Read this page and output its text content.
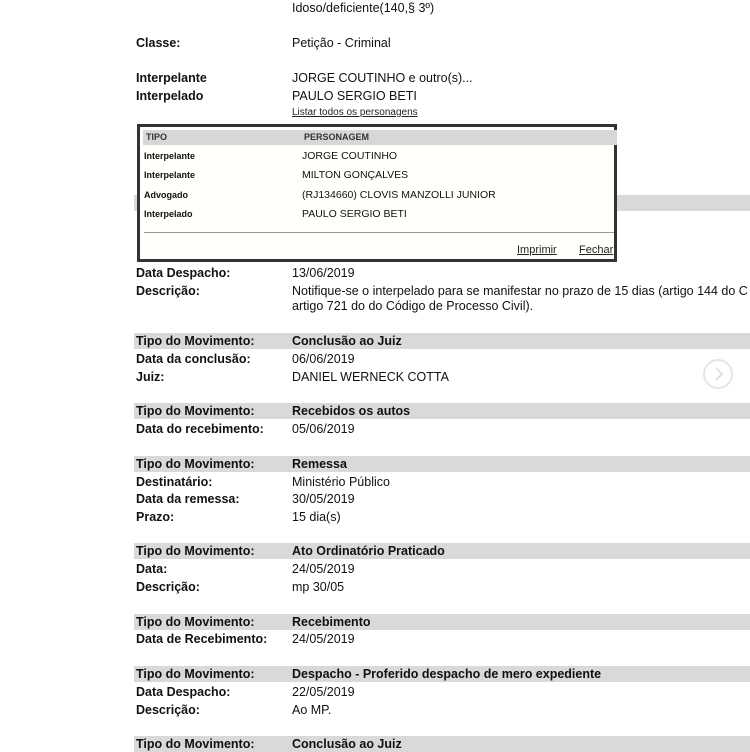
Idoso/deficiente(140,§ 3º)
Classe:	Petição - Criminal
Interpelante	JORGE COUTINHO e outro(s)...
Interpelado	PAULO SERGIO BETI
Listar todos os personagens
Data Despacho:	13/06/2019
Descrição:	Notifique-se o interpelado para se manifestar no prazo de 15 dias (artigo 144 do C
artigo 721 do do Código de Processo Civil).
Tipo do Movimento:	Conclusão ao Juiz
Data da conclusão:	06/06/2019
Juiz:	DANIEL WERNECK COTTA
Tipo do Movimento:	Recebidos os autos
Data do recebimento: 05/06/2019
Tipo do Movimento:	Remessa
Destinatário:	Ministério Público
Data da remessa:	30/05/2019
Prazo:	15 dia(s)
Tipo do Movimento:	Ato Ordinatório Praticado
Data:	24/05/2019
Descrição:	mp 30/05
Tipo do Movimento:	Recebimento
Data de Recebimento: 24/05/2019
Tipo do Movimento:	Despacho - Proferido despacho de mero expediente
Data Despacho:	22/05/2019
Descrição:	Ao MP.
Tipo do Movimento:	Conclusão ao Juiz
TIPO	PERSONAGEM
Interpelante	JORGE COUTINHO
Interpelante	MILTON GONÇALVES
Advogado	(RJ134660) CLOVIS MANZOLLI JUNIOR
Interpelado	PAULO SERGIO BETI
Imprimir Fechar
